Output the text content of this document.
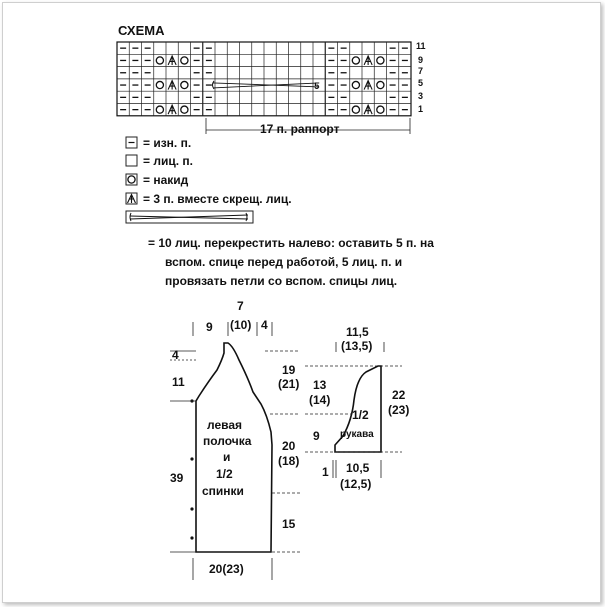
СХЕМА
5
11
9
7
5
3
1
17 п. раппорт
= изн. п.
= лиц. п.
= накид
= 3 п. вместе скрещ. лиц.
= 10 лиц. перекрестить налево: оставить 5 п. на
вспом. спице перед работой, 5 лиц. п. и
провязать петли со вспом. спицы лиц.
9
7
(10) 4
4
11
39
19
(21)
20
(18)
15
20(23)
левая
полочка
и
1/2
спинки
11,5
(13,5)
13
(14)
9
22
(23)
1/2
рукава
1 10,5
(12,5)
